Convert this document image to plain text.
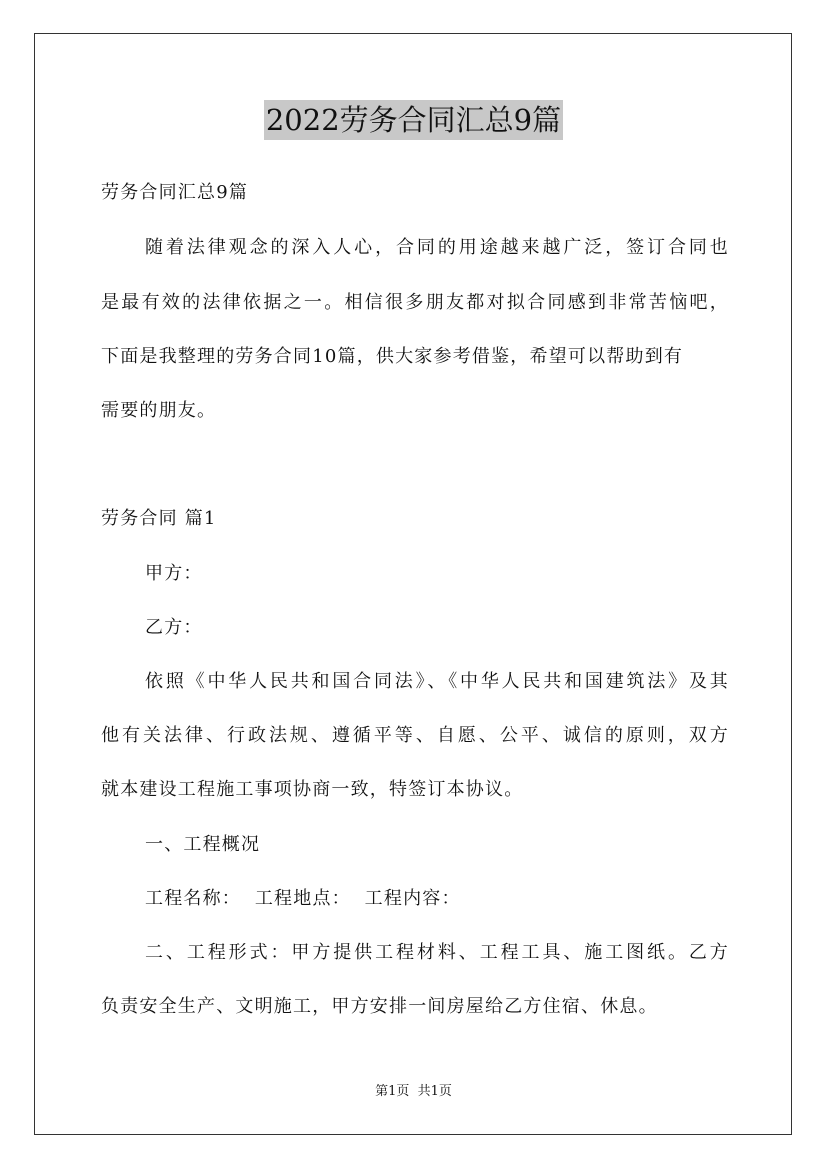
2022劳务合同汇总9篇
劳务合同汇总9篇
随着法律观念的深入人心，合同的用途越来越广泛，签订合同也
是最有效的法律依据之一。相信很多朋友都对拟合同感到非常苦恼吧，
下面是我整理的劳务合同10篇，供大家参考借鉴，希望可以帮助到有
需要的朋友。
劳务合同 篇1
甲方：
乙方：
依照《中华人民共和国合同法》、《中华人民共和国建筑法》及其
他有关法律、行政法规、遵循平等、自愿、公平、诚信的原则，双方
就本建设工程施工事项协商一致，特签订本协议。
一、工程概况
工程名称：  工程地点：  工程内容：
二、工程形式：甲方提供工程材料、工程工具、施工图纸。乙方
负责安全生产、文明施工，甲方安排一间房屋给乙方住宿、休息。
第1页  共1页
